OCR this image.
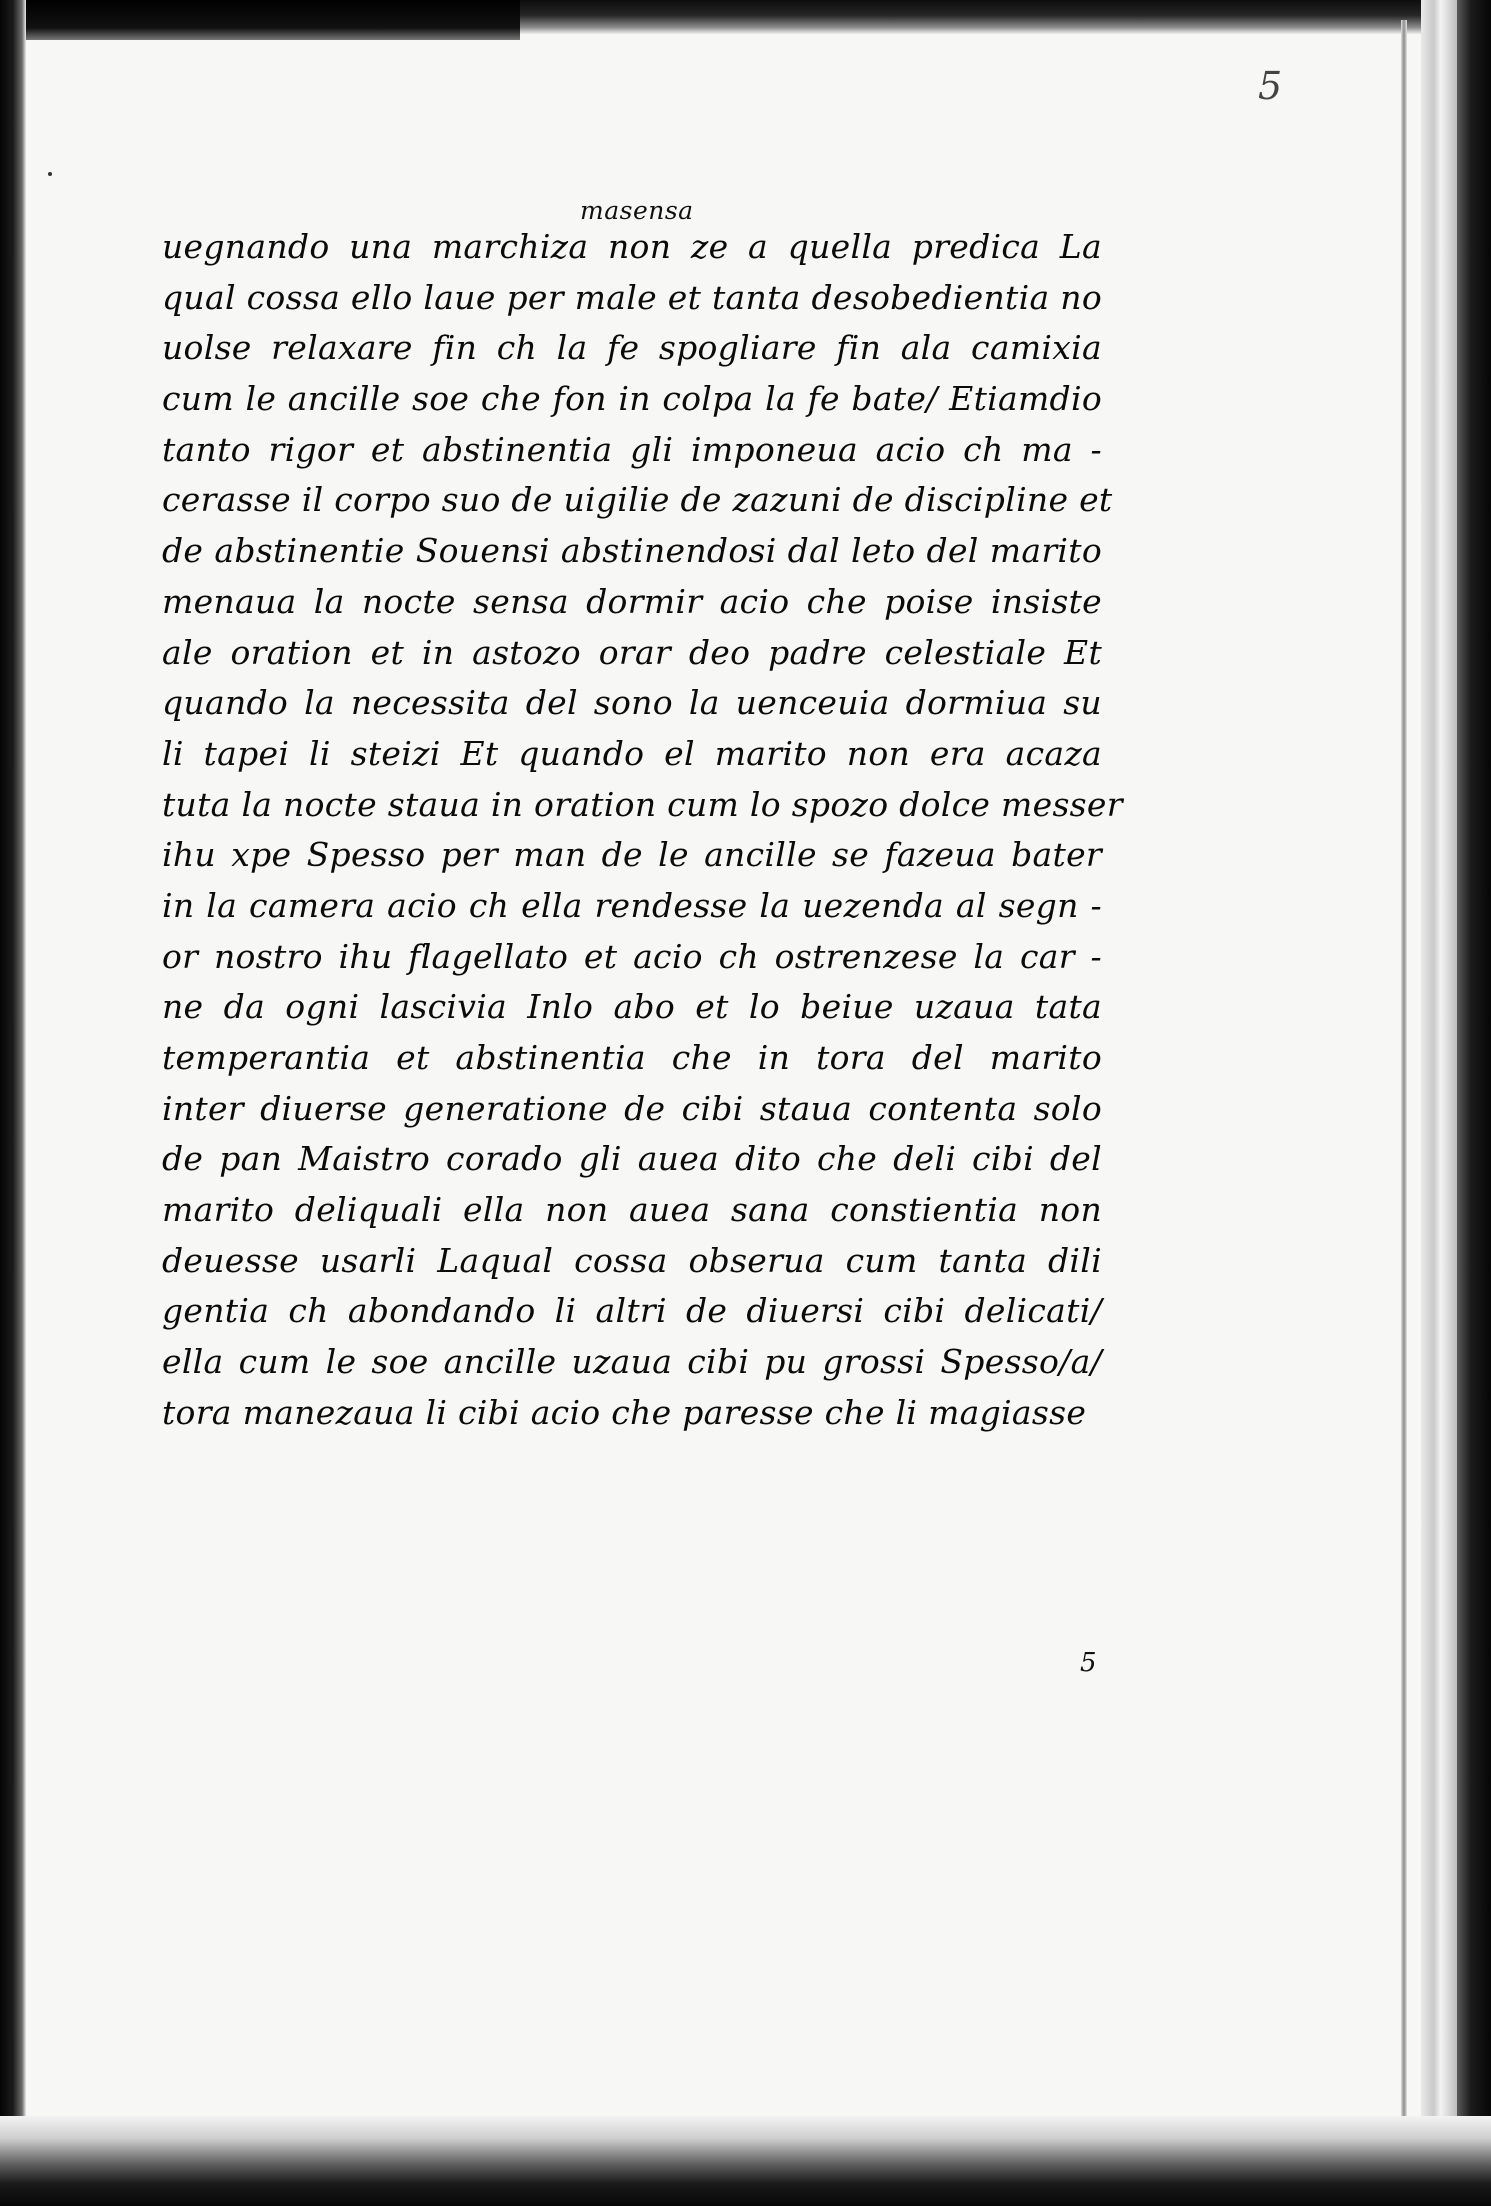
5
masensa
uegnando una marchiza non ze a quella predica La
qual cossa ello laue per male et tanta desobedientia no
uolse relaxare fin ch la fe spogliare fin ala camixia
cum le ancille soe che fon in colpa la fe bate/ Etiamdio
tanto rigor et abstinentia gli imponeua acio ch ma -
cerasse il corpo suo de uigilie de zazuni de discipline et
de abstinentie Souensi abstinendosi dal leto del marito
menaua la nocte sensa dormir acio che poise insiste
ale oration et in astozo orar deo padre celestiale Et
quando la necessita del sono la uenceuia dormiua su
li tapei li steizi Et quando el marito non era acaza
tuta la nocte staua in oration cum lo spozo dolce messer
ihu xpe Spesso per man de le ancille se fazeua bater
in la camera acio ch ella rendesse la uezenda al segn -
or nostro ihu flagellato et acio ch ostrenzese la car -
ne da ogni lascivia Inlo abo et lo beiue uzaua tata
temperantia et abstinentia che in tora del marito
inter diuerse generatione de cibi staua contenta solo
de pan Maistro corado gli auea dito che deli cibi del
marito deliquali ella non auea sana constientia non
deuesse usarli Laqual cossa obserua cum tanta dili
gentia ch abondando li altri de diuersi cibi delicati/
ella cum le soe ancille uzaua cibi pu grossi Spesso/a/
tora manezaua li cibi acio che paresse che li magiasse
5
